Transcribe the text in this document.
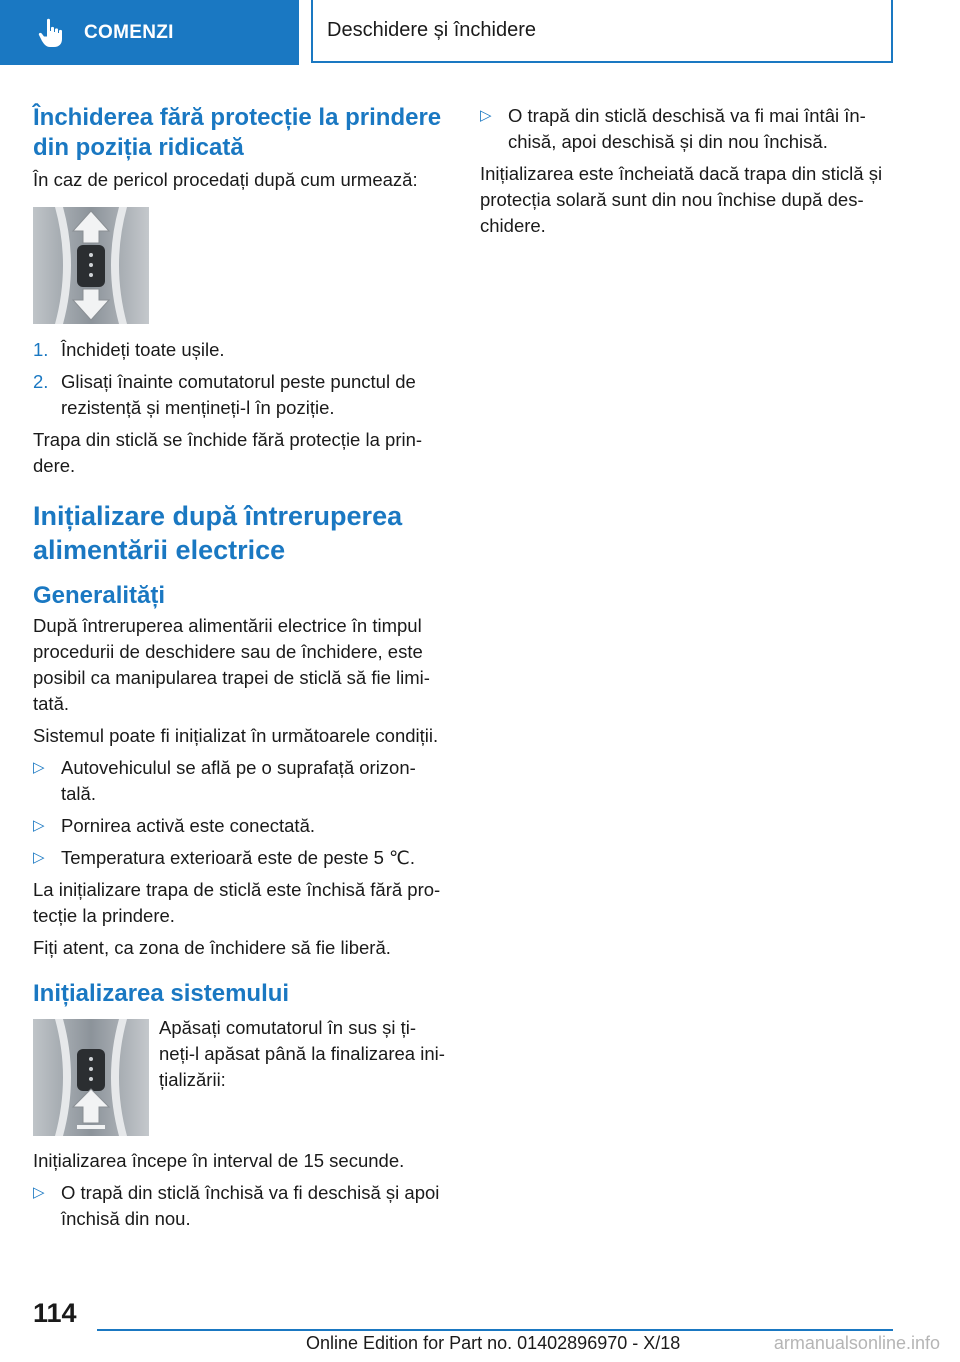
COMENZI	Deschidere și închidere
Închiderea fără protecție la prindere din poziția ridicată

În caz de pericol procedați după cum urmează:

1. Închideți toate ușile.
2. Glisați înainte comutatorul peste punctul de rezistență și mențineți-l în poziție.

Trapa din sticlă se închide fără protecție la prin-dere.

Inițializare după întreruperea alimentării electrice
Generalități

După întreruperea alimentării electrice în timpul procedurii de deschidere sau de închidere, este posibil ca manipularea trapei de sticlă să fie limi-tată.

Sistemul poate fi inițializat în următoarele condiții.

▷ Autovehiculul se află pe o suprafață orizon-tală.
▷ Pornirea activă este conectată.
▷ Temperatura exterioară este de peste 5 ℃.

La inițializare trapa de sticlă este închisă fără pro-tecție la prindere.

Fiți atent, ca zona de închidere să fie liberă.

Inițializarea sistemului

Apăsați comutatorul în sus și ți-neți-l apăsat până la finalizarea ini-țializării:

Inițializarea începe în interval de 15 secunde.

▷ O trapă din sticlă închisă va fi deschisă și apoi închisă din nou.
▷ O trapă din sticlă deschisă va fi mai întâi în-chisă, apoi deschisă și din nou închisă.

Inițializarea este încheiată dacă trapa din sticlă și protecția solară sunt din nou închise după des-chidere.

114
Online Edition for Part no. 01402896970 - X/18	armanualsonline.info
